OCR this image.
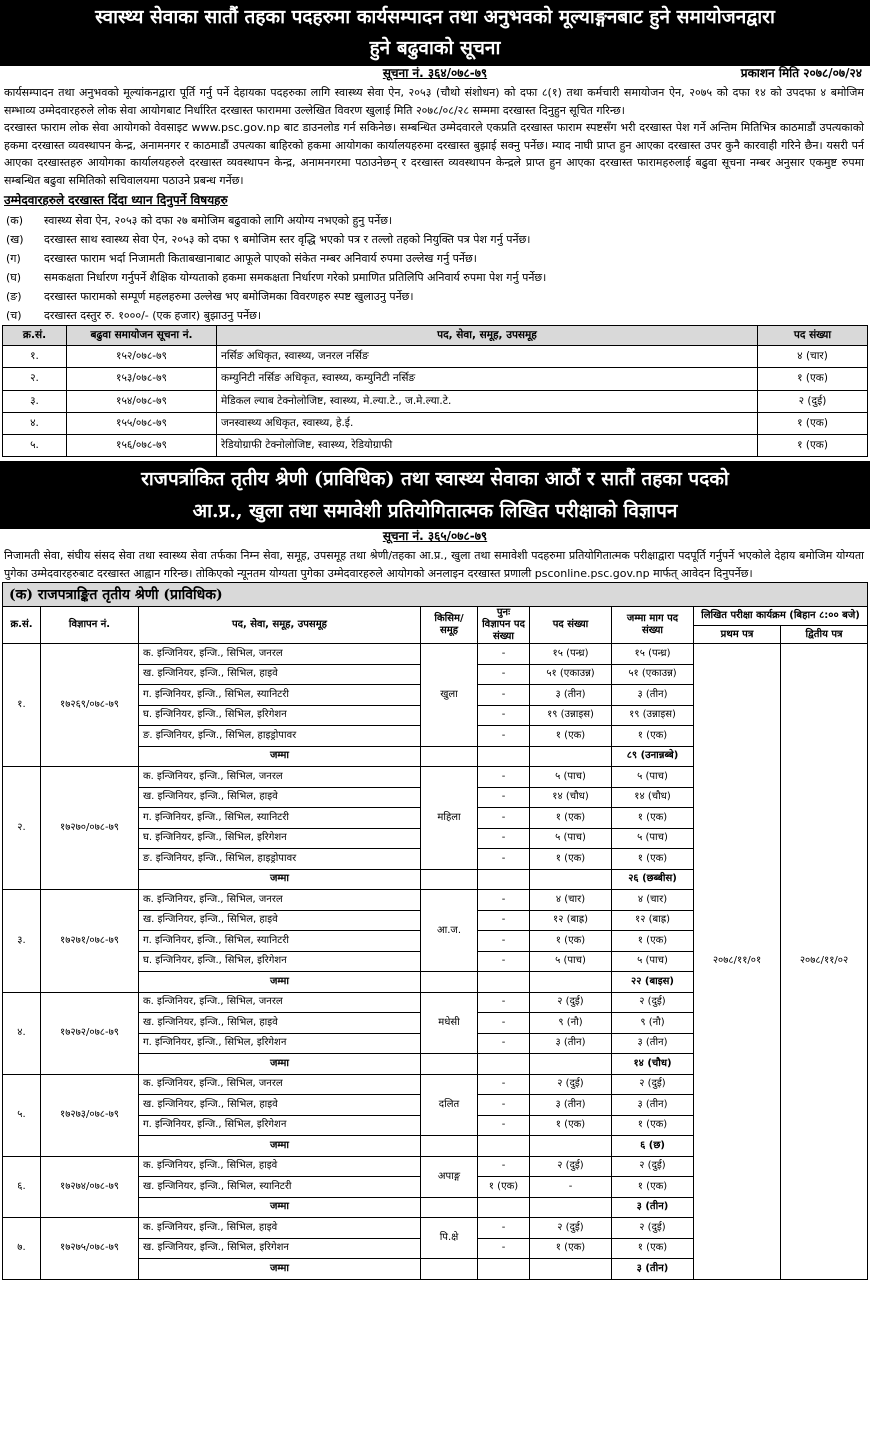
स्वास्थ्य सेवाका सातौं तहका पदहरुमा कार्यसम्पादन तथा अनुभवको मूल्याङ्गनबाट हुने समायोजनद्वारा
हुने बढुवाको सूचना
सूचना नं. ३६४/०७८-७९	प्रकाशन मिति २०७८/०७/२४

कार्यसम्पादन तथा अनुभवको मूल्यांकनद्वारा पूर्ति गर्नु पर्ने देहायका पदहरुका लागि स्वास्थ्य सेवा ऐन, २०५३ (चौथो संशोधन) को दफा ८(१) तथा कर्मचारी समायोजन ऐन, २०७५ को दफा १४ को उपदफा ४ बमोजिम सम्भाव्य उम्मेदवारहरुले लोक सेवा आयोगबाट निर्धारित दरखास्त फाराममा उल्लेखित विवरण खुलाई मिति २०७८/०८/२८ सम्ममा दरखास्त दिनुहुन सूचित गरिन्छ।

दरखास्त फाराम लोक सेवा आयोगको वेवसाइट www.psc.gov.np बाट डाउनलोड गर्न सकिनेछ। सम्बन्धित उम्मेदवारले एकप्रति दरखास्त फाराम स्पष्टसँग भरी दरखास्त पेश गर्ने अन्तिम मितिभित्र काठमाडौं उपत्यकाको हकमा दरखास्त व्यवस्थापन केन्द्र, अनामनगर र काठमाडौं उपत्यका बाहिरको हकमा आयोगका कार्यालयहरुमा दरखास्त बुझाई सक्नु पर्नेछ। म्याद नाघी प्राप्त हुन आएका दरखास्त उपर कुनै कारवाही गरिने छैन। यसरी पर्न आएका दरखास्तहरु आयोगका कार्यालयहरुले दरखास्त व्यवस्थापन केन्द्र, अनामनगरमा पठाउनेछन् र दरखास्त व्यवस्थापन केन्द्रले प्राप्त हुन आएका दरखास्त फारामहरुलाई बढुवा सूचना नम्बर अनुसार एकमुष्ट रुपमा सम्बन्धित बढुवा समितिको सचिवालयमा पठाउने प्रबन्ध गर्नेछ।

उम्मेदवारहरुले दरखास्त दिंदा ध्यान दिनुपर्ने विषयहरु
(क)	स्वास्थ्य सेवा ऐन, २०५३ को दफा २७ बमोजिम बढुवाको लागि अयोग्य नभएको हुनु पर्नेछ।
(ख)	दरखास्त साथ स्वास्थ्य सेवा ऐन, २०५३ को दफा ९ बमोजिम स्तर वृद्धि भएको पत्र र तल्लो तहको नियुक्ति पत्र पेश गर्नु पर्नेछ।
(ग)	दरखास्त फाराम भर्दा निजामती किताबखानाबाट आफूले पाएको संकेत नम्बर अनिवार्य रुपमा उल्लेख गर्नु पर्नेछ।
(घ)	समकक्षता निर्धारण गर्नुपर्ने शैक्षिक योग्यताको हकमा समकक्षता निर्धारण गरेको प्रमाणित प्रतिलिपि अनिवार्य रुपमा पेश गर्नु पर्नेछ।
(ङ)	दरखास्त फारामको सम्पूर्ण महलहरुमा उल्लेख भए बमोजिमका विवरणहरु स्पष्ट खुलाउनु पर्नेछ।
(च)	दरखास्त दस्तुर रु. १०००/- (एक हजार) बुझाउनु पर्नेछ।
क्र.सं.	बढुवा समायोजन सूचना नं.	पद, सेवा, समूह, उपसमूह	पद संख्या
१.	१५२/०७८-७९	नर्सिङ अधिकृत, स्वास्थ्य, जनरल नर्सिङ	४ (चार)
२.	१५३/०७८-७९	कम्युनिटी नर्सिङ अधिकृत, स्वास्थ्य, कम्युनिटी नर्सिङ	१ (एक)
३.	१५४/०७८-७९	मेडिकल ल्याब टेक्नोलोजिष्ट, स्वास्थ्य, मे.ल्या.टे., ज.मे.ल्या.टे.	२ (दुई)
४.	१५५/०७८-७९	जनस्वास्थ्य अधिकृत, स्वास्थ्य, हे.ई.	१ (एक)
५.	१५६/०७८-७९	रेडियोग्राफी टेक्नोलोजिष्ट, स्वास्थ्य, रेडियोग्राफी	१ (एक)
राजपत्रांकित तृतीय श्रेणी (प्राविधिक) तथा स्वास्थ्य सेवाका आठौं र सातौं तहका पदको
आ.प्र., खुला तथा समावेशी प्रतियोगितात्मक लिखित परीक्षाको विज्ञापन
सूचना नं. ३६५/०७८-७९

निजामती सेवा, संघीय संसद सेवा तथा स्वास्थ्य सेवा तर्फका निम्न सेवा, समूह, उपसमूह तथा श्रेणी/तहका आ.प्र., खुला तथा समावेशी पदहरुमा प्रतियोगितात्मक परीक्षाद्वारा पदपूर्ति गर्नुपर्ने भएकोले देहाय बमोजिम योग्यता पुगेका उम्मेदवारहरुबाट दरखास्त आह्वान गरिन्छ। तोकिएको न्यूनतम योग्यता पुगेका उम्मेदवारहरुले आयोगको अनलाइन दरखास्त प्रणाली psconline.psc.gov.np मार्फत् आवेदन दिनुपर्नेछ।

(क) राजपत्राङ्कित तृतीय श्रेणी (प्राविधिक)
क्र.सं.	विज्ञापन नं.	पद, सेवा, समूह, उपसमूह	किसिम/ समूह	पुनः विज्ञापन पद संख्या	पद संख्या	जम्मा माग पद संख्या	लिखित परीक्षा कार्यक्रम (बिहान ८:०० बजे)	
							प्रथम पत्र	द्वितीय पत्र
१.	१७२६९/०७८-७९	क. इन्जिनियर, इन्जि., सिभिल, जनरल	खुला	-	१५ (पन्ध्र)	१५ (पन्ध्र)	२०७८/११/०१	२०७८/११/०२
		ख. इन्जिनियर, इन्जि., सिभिल, हाइवे		-	५१ (एकाउन्न)	५१ (एकाउन्न)		
		ग. इन्जिनियर, इन्जि., सिभिल, स्यानिटरी		-	३ (तीन)	३ (तीन)		
		घ. इन्जिनियर, इन्जि., सिभिल, इरिगेशन		-	१९ (उन्नाइस)	१९ (उन्नाइस)		
		ङ. इन्जिनियर, इन्जि., सिभिल, हाइड्रोपावर		-	१ (एक)	१ (एक)		
		जम्मा				८९ (उनान्नब्बे)		
२.	१७२७०/०७८-७९	क. इन्जिनियर, इन्जि., सिभिल, जनरल	महिला	-	५ (पाच)	५ (पाच)		
		ख. इन्जिनियर, इन्जि., सिभिल, हाइवे		-	१४ (चौध)	१४ (चौध)		
		ग. इन्जिनियर, इन्जि., सिभिल, स्यानिटरी		-	१ (एक)	१ (एक)		
		घ. इन्जिनियर, इन्जि., सिभिल, इरिगेशन		-	५ (पाच)	५ (पाच)		
		ङ. इन्जिनियर, इन्जि., सिभिल, हाइड्रोपावर		-	१ (एक)	१ (एक)		
		जम्मा				२६ (छब्बीस)		
३.	१७२७१/०७८-७९	क. इन्जिनियर, इन्जि., सिभिल, जनरल	आ.ज.	-	४ (चार)	४ (चार)		
		ख. इन्जिनियर, इन्जि., सिभिल, हाइवे		-	१२ (बाह्र)	१२ (बाह्र)		
		ग. इन्जिनियर, इन्जि., सिभिल, स्यानिटरी		-	१ (एक)	१ (एक)		
		घ. इन्जिनियर, इन्जि., सिभिल, इरिगेशन		-	५ (पाच)	५ (पाच)		
		जम्मा				२२ (बाइस)		
४.	१७२७२/०७८-७९	क. इन्जिनियर, इन्जि., सिभिल, जनरल	मधेसी	-	२ (दुई)	२ (दुई)		
		ख. इन्जिनियर, इन्जि., सिभिल, हाइवे		-	९ (नौ)	९ (नौ)		
		ग. इन्जिनियर, इन्जि., सिभिल, इरिगेशन		-	३ (तीन)	३ (तीन)		
		जम्मा				१४ (चौध)		
५.	१७२७३/०७८-७९	क. इन्जिनियर, इन्जि., सिभिल, जनरल	दलित	-	२ (दुई)	२ (दुई)		
		ख. इन्जिनियर, इन्जि., सिभिल, हाइवे		-	३ (तीन)	३ (तीन)		
		ग. इन्जिनियर, इन्जि., सिभिल, इरिगेशन		-	१ (एक)	१ (एक)		
		जम्मा				६ (छ)		
६.	१७२७४/०७८-७९	क. इन्जिनियर, इन्जि., सिभिल, हाइवे	अपाङ्ग	-	२ (दुई)	२ (दुई)		
		ख. इन्जिनियर, इन्जि., सिभिल, स्यानिटरी		१ (एक)	-	१ (एक)		
		जम्मा				३ (तीन)		
७.	१७२७५/०७८-७९	क. इन्जिनियर, इन्जि., सिभिल, हाइवे	पि.क्षे	-	२ (दुई)	२ (दुई)		
		ख. इन्जिनियर, इन्जि., सिभिल, इरिगेशन		-	१ (एक)	१ (एक)		
		जम्मा				३ (तीन)		
